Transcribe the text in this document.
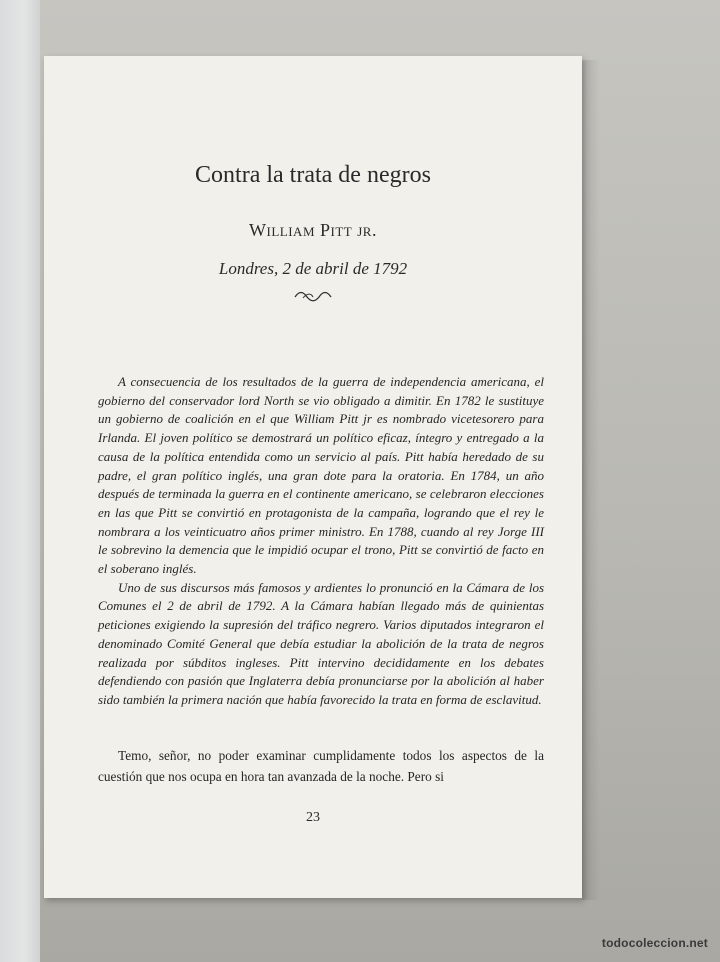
Contra la trata de negros
William Pitt jr.
Londres, 2 de abril de 1792

A consecuencia de los resultados de la guerra de independencia americana, el gobierno del conservador lord North se vio obligado a dimitir. En 1782 le sustituye un gobierno de coalición en el que William Pitt jr es nombrado vicetesorero para Irlanda. El joven político se demostrará un político eficaz, íntegro y entregado a la causa de la política entendida como un servicio al país. Pitt había heredado de su padre, el gran político inglés, una gran dote para la oratoria. En 1784, un año después de terminada la guerra en el continente americano, se celebraron elecciones en las que Pitt se convirtió en protagonista de la campaña, logrando que el rey le nombrara a los veinticuatro años primer ministro. En 1788, cuando al rey Jorge III le sobrevino la demencia que le impidió ocupar el trono, Pitt se convirtió de facto en el soberano inglés.

Uno de sus discursos más famosos y ardientes lo pronunció en la Cámara de los Comunes el 2 de abril de 1792. A la Cámara habían llegado más de quinientas peticiones exigiendo la supresión del tráfico negrero. Varios diputados integraron el denominado Comité General que debía estudiar la abolición de la trata de negros realizada por súbditos ingleses. Pitt intervino decididamente en los debates defendiendo con pasión que Inglaterra debía pronunciarse por la abolición al haber sido también la primera nación que había favorecido la trata en forma de esclavitud.

Temo, señor, no poder examinar cumplidamente todos los aspectos de la cuestión que nos ocupa en hora tan avanzada de la noche. Pero si

23
todocoleccion.net
